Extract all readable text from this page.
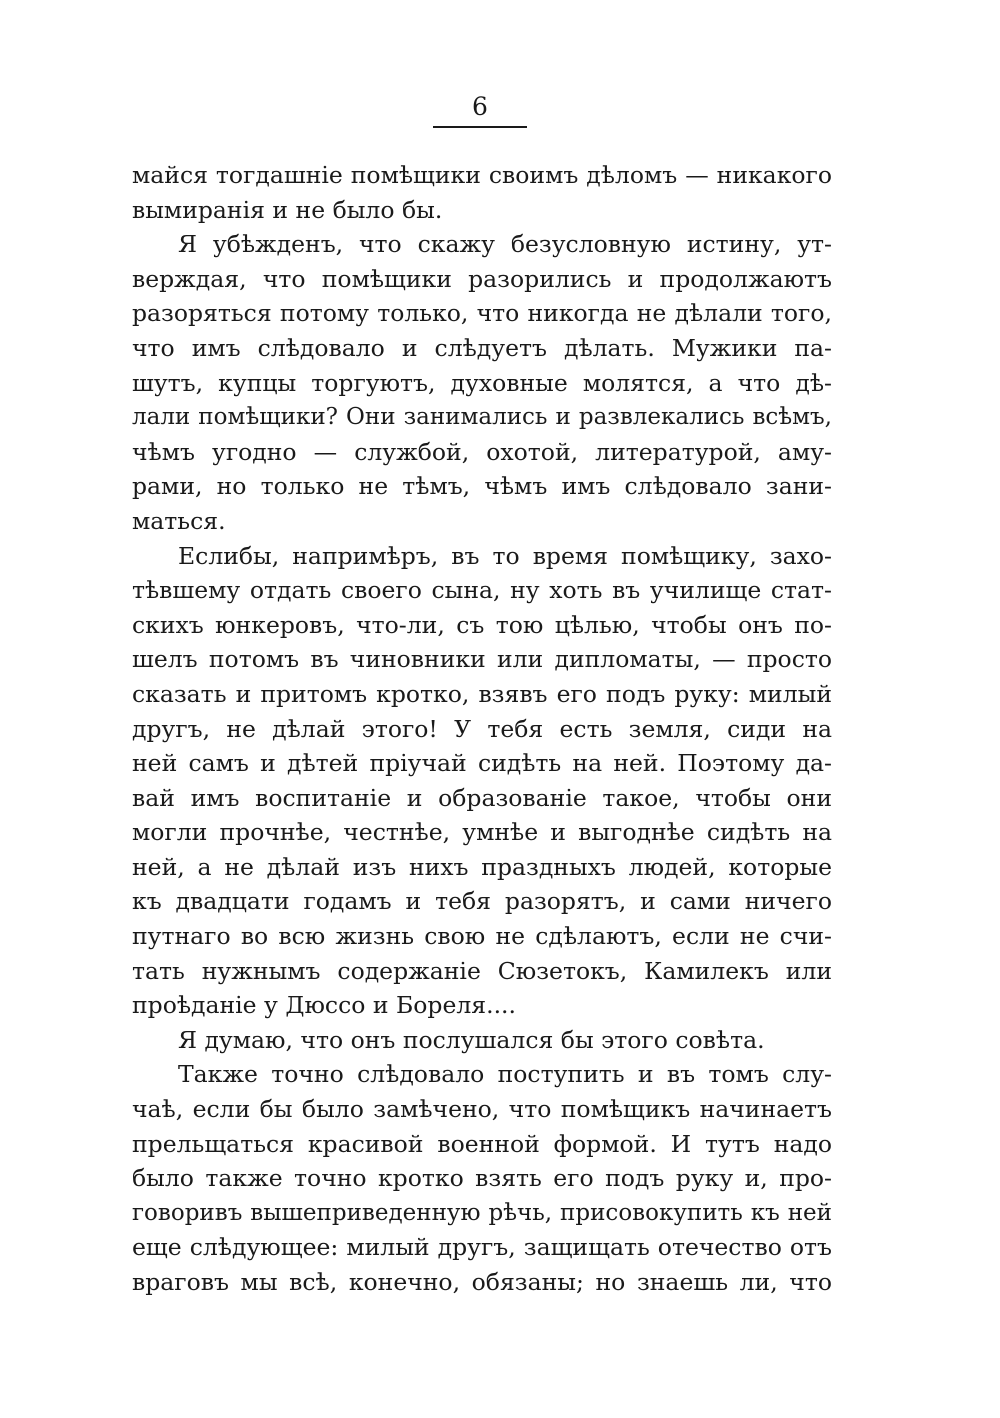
6
майся тогдашніе помѣщики своимъ дѣломъ — никакого
вымиранія и не было бы.
Я убѣжденъ, что скажу безусловную истину, ут-
верждая, что помѣщики разорились и продолжаютъ
разоряться потому только, что никогда не дѣлали того,
что имъ слѣдовало и слѣдуетъ дѣлать. Мужики па-
шутъ, купцы торгуютъ, духовные молятся, а что дѣ-
лали помѣщики? Они занимались и развлекались всѣмъ,
чѣмъ угодно — службой, охотой, литературой, аму-
рами, но только не тѣмъ, чѣмъ имъ слѣдовало зани-
маться.
Еслибы, напримѣръ, въ то время помѣщику, захо-
тѣвшему отдать своего сына, ну хоть въ училище стат-
скихъ юнкеровъ, что-ли, съ тою цѣлью, чтобы онъ по-
шелъ потомъ въ чиновники или дипломаты, — просто
сказать и притомъ кротко, взявъ его подъ руку: милый
другъ, не дѣлай этого! У тебя есть земля, сиди на
ней самъ и дѣтей пріучай сидѣть на ней. Поэтому да-
вай имъ воспитаніе и образованіе такое, чтобы они
могли прочнѣе, честнѣе, умнѣе и выгоднѣе сидѣть на
ней, а не дѣлай изъ нихъ праздныхъ людей, которые
къ двадцати годамъ и тебя разорятъ, и сами ничего
путнаго во всю жизнь свою не сдѣлаютъ, если не счи-
тать нужнымъ содержаніе Сюзетокъ, Камилекъ или
проѣданіе у Дюссо и Бореля....
Я думаю, что онъ послушался бы этого совѣта.
Также точно слѣдовало поступить и въ томъ слу-
чаѣ, если бы было замѣчено, что помѣщикъ начинаетъ
прельщаться красивой военной формой. И тутъ надо
было также точно кротко взять его подъ руку и, про-
говоривъ вышеприведенную рѣчь, присовокупить къ ней
еще слѣдующее: милый другъ, защищать отечество отъ
враговъ мы всѣ, конечно, обязаны; но знаешь ли, что
